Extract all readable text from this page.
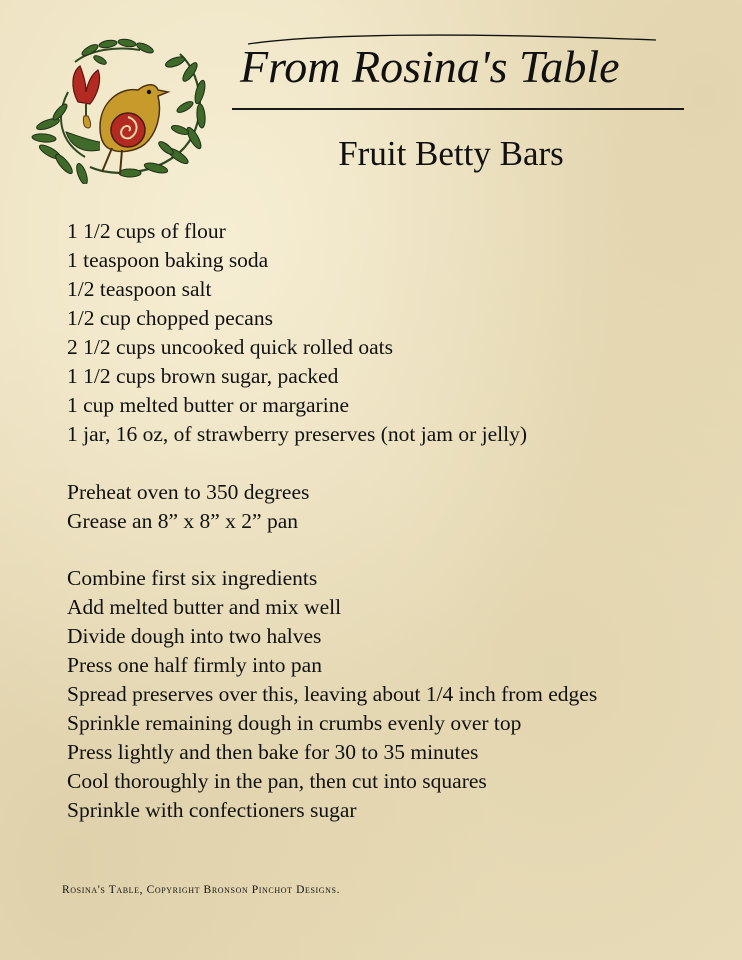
From Rosina's Table
Fruit Betty Bars
1 1/2 cups of flour
1 teaspoon baking soda
1/2 teaspoon salt
1/2 cup chopped pecans
2 1/2 cups uncooked quick rolled oats
1 1/2 cups brown sugar, packed
1 cup melted butter or margarine
1 jar, 16 oz, of strawberry preserves (not jam or jelly)
Preheat oven to 350 degrees
Grease an 8” x 8” x 2” pan
Combine first six ingredients
Add melted butter and mix well
Divide dough into two halves
Press one half firmly into pan
Spread preserves over this, leaving about 1/4 inch from edges
Sprinkle remaining dough in crumbs evenly over top
Press lightly and then bake for 30 to 35 minutes
Cool thoroughly in the pan, then cut into squares
Sprinkle with confectioners sugar
Rosina's Table, Copyright Bronson Pinchot Designs.
